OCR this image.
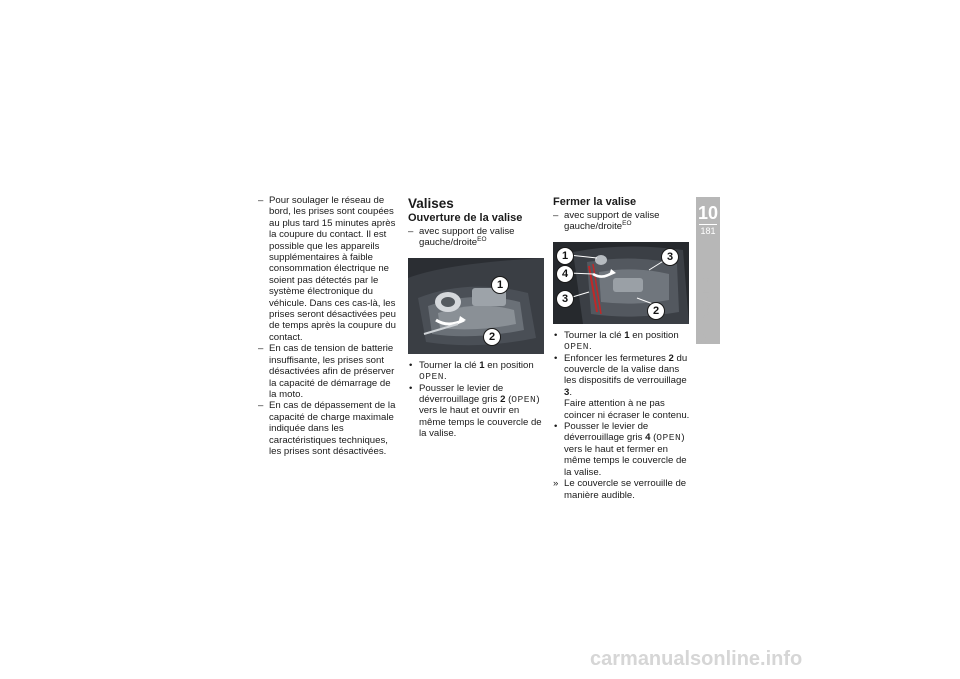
– Pour soulager le réseau de bord, les prises sont coupées au plus tard 15 minutes après la coupure du contact. Il est possible que les appareils supplémentaires à faible consommation électrique ne soient pas détectés par le système électronique du véhicule. Dans ces cas-là, les prises seront désactivées peu de temps après la coupure du contact.
– En cas de tension de batterie insuffisante, les prises sont désactivées afin de préserver la capacité de démarrage de la moto.
– En cas de dépassement de la capacité de charge maximale indiquée dans les caractéristiques techniques, les prises sont désactivées.
Valises
Ouverture de la valise
– avec support de valise gauche/droite$^{EO}$
1
2
• Tourner la clé 1 en position
OPEN.
• Pousser le levier de déverrouillage gris 2 (OPEN) vers le haut et ouvrir en même temps le couvercle de la valise.
Fermer la valise
– avec support de valise gauche/droite$^{EO}$
1
4
3
3
2
• Tourner la clé 1 en position
OPEN.
• Enfoncer les fermetures 2 du couvercle de la valise dans les dispositifs de verrouillage 3.
Faire attention à ne pas coincer ni écraser le contenu.
• Pousser le levier de déverrouillage gris 4 (OPEN) vers le haut et fermer en même temps le couvercle de la valise.
» Le couvercle se verrouille de manière audible.
10
181
Accessoires
carmanualsonline.info
